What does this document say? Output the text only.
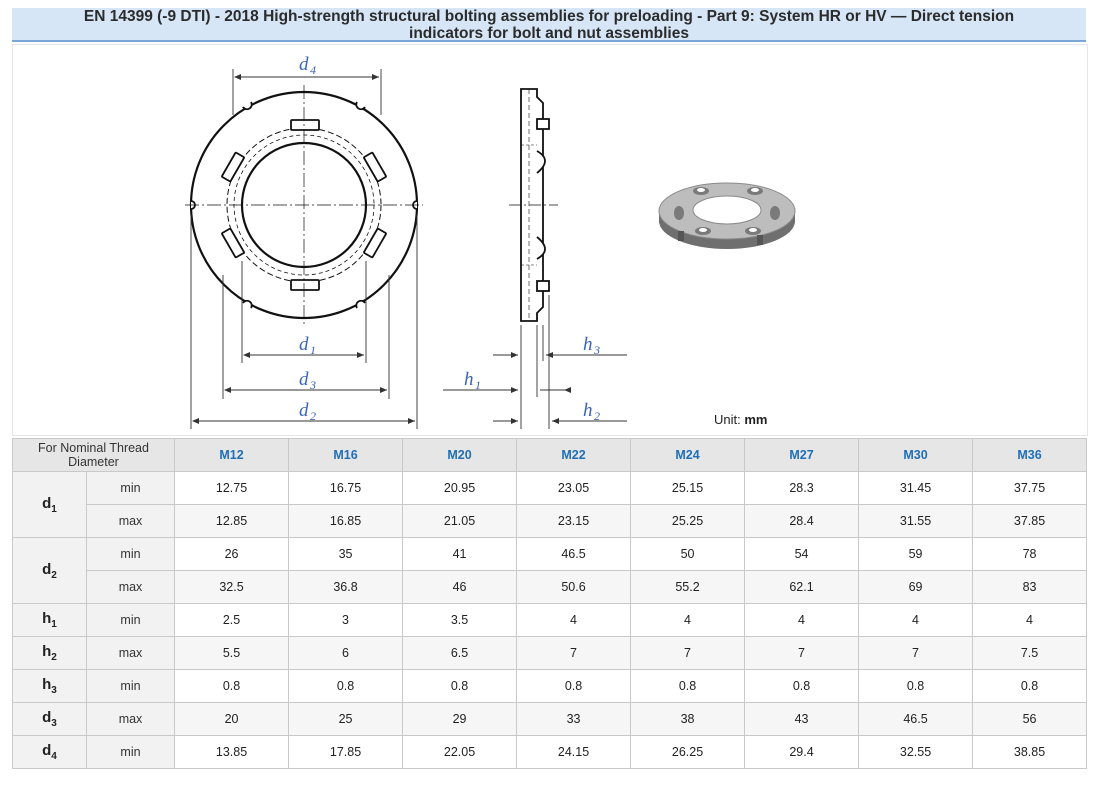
EN 14399 (-9 DTI) - 2018 High-strength structural bolting assemblies for preloading - Part 9: System HR or HV — Direct tension
indicators for bolt and nut assemblies
d 4
d 1
d 3
d 2
h 3
h 1
h 2	Unit: mm
For Nominal Thread Diameter		M12	M16	M20	M22	M24	M27	M30	M36
$d_1$	min	12.75	16.75	20.95	23.05	25.15	28.3	31.45	37.75
	max	12.85	16.85	21.05	23.15	25.25	28.4	31.55	37.85
$d_2$	min	26	35	41	46.5	50	54	59	78
	max	32.5	36.8	46	50.6	55.2	62.1	69	83
$h_1$	min	2.5	3	3.5	4	4	4	4	4
$h_2$	max	5.5	6	6.5	7	7	7	7	7.5
$h_3$	min	0.8	0.8	0.8	0.8	0.8	0.8	0.8	0.8
$d_3$	max	20	25	29	33	38	43	46.5	56
$d_4$	min	13.85	17.85	22.05	24.15	26.25	29.4	32.55	38.85
